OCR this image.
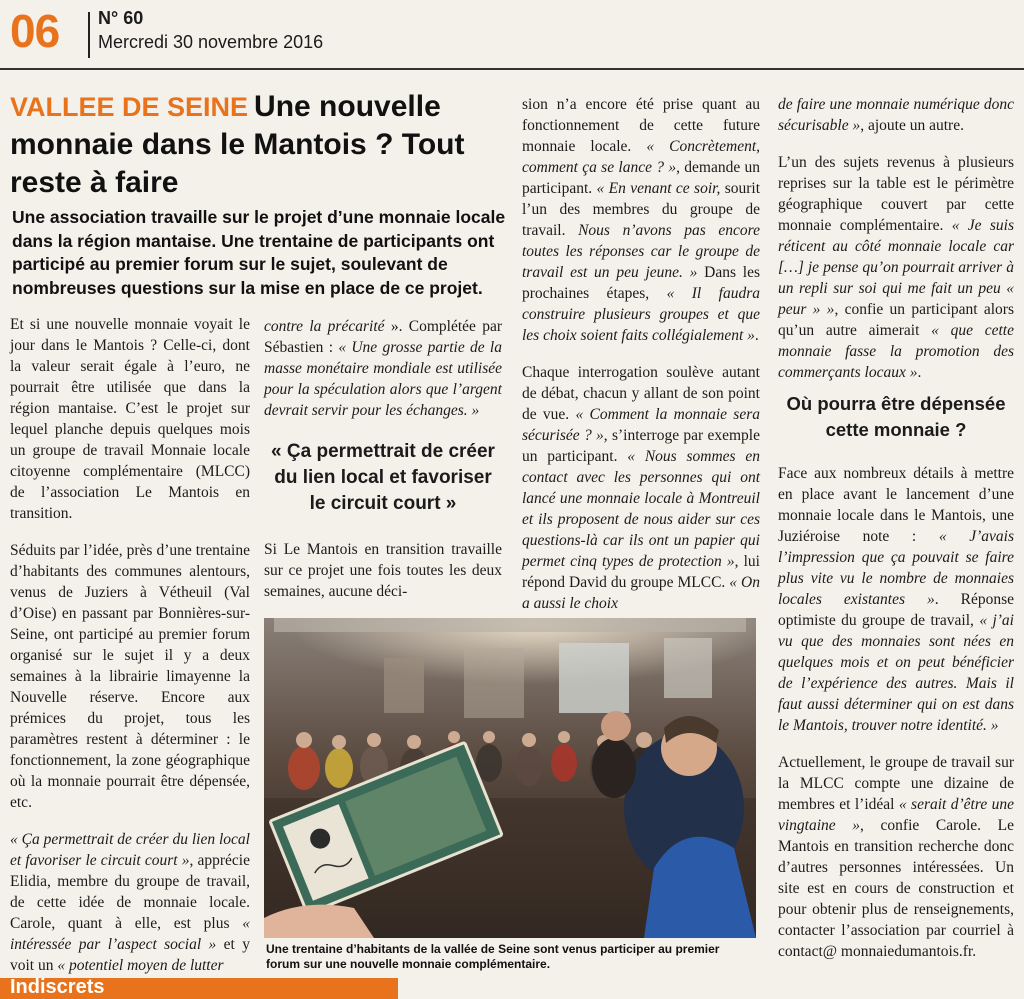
06 N° 60
Mercredi 30 novembre 2016
VALLEE DE SEINE Une nouvelle monnaie dans le Mantois ? Tout reste à faire
Une association travaille sur le projet d’une monnaie locale dans la région mantaise. Une trentaine de participants ont participé au premier forum sur le sujet, soulevant de nombreuses questions sur la mise en place de ce projet.

Et si une nouvelle monnaie voyait le jour dans le Mantois ? Celle-ci, dont la valeur serait égale à l’euro, ne pourrait être utilisée que dans la région mantaise. C’est le projet sur lequel planche depuis quelques mois un groupe de travail Monnaie locale citoyenne complémentaire (MLCC) de l’association Le Mantois en transition.

Séduits par l’idée, près d’une trentaine d’habitants des communes alentours, venus de Juziers à Vétheuil (Val d’Oise) en passant par Bonnières-sur-Seine, ont participé au premier forum organisé sur le sujet il y a deux semaines à la librairie limayenne la Nouvelle réserve. Encore aux prémices du projet, tous les paramètres restent à déterminer : le fonctionnement, la zone géographique où la monnaie pourrait être dépensée, etc.

« Ça permettrait de créer du lien local et favoriser le circuit court », apprécie Elidia, membre du groupe de travail, de cette idée de monnaie locale. Carole, quant à elle, est plus « intéressée par l’aspect social » et y voit un « potentiel moyen de lutter

contre la précarité ». Complétée par Sébastien : « Une grosse partie de la masse monétaire mondiale est utilisée pour la spéculation alors que l’argent devrait servir pour les échanges. »

« Ça permettrait de créer du lien local et favoriser le circuit court »

Si Le Mantois en transition travaille sur ce projet une fois toutes les deux semaines, aucune déci-

sion n’a encore été prise quant au fonctionnement de cette future monnaie locale. « Concrètement, comment ça se lance ? », demande un participant. « En venant ce soir, sourit l’un des membres du groupe de travail. Nous n’avons pas encore toutes les réponses car le groupe de travail est un peu jeune. » Dans les prochaines étapes, « Il faudra construire plusieurs groupes et que les choix soient faits collégialement ».

Chaque interrogation soulève autant de débat, chacun y allant de son point de vue. « Comment la monnaie sera sécurisée ? », s’interroge par exemple un participant. « Nous sommes en contact avec les personnes qui ont lancé une monnaie locale à Montreuil et ils proposent de nous aider sur ces questions-là car ils ont un papier qui permet cinq types de protection », lui répond David du groupe MLCC. « On a aussi le choix

de faire une monnaie numérique donc sécurisable », ajoute un autre.

L’un des sujets revenus à plusieurs reprises sur la table est le périmètre géographique couvert par cette monnaie complémentaire. « Je suis réticent au côté monnaie locale car […] je pense qu’on pourrait arriver à un repli sur soi qui me fait un peu « peur » », confie un participant alors qu’un autre aimerait « que cette monnaie fasse la promotion des commerçants locaux ».

Où pourra être dépensée cette monnaie ?

Face aux nombreux détails à mettre en place avant le lancement d’une monnaie locale dans le Mantois, une Juziéroise note : « J’avais l’impression que ça pouvait se faire plus vite vu le nombre de monnaies locales existantes ». Réponse optimiste du groupe de travail, « j’ai vu que des monnaies sont nées en quelques mois et on peut bénéficier de l’expérience des autres. Mais il faut aussi déterminer qui on est dans le Mantois, trouver notre identité. »

Actuellement, le groupe de travail sur la MLCC compte une dizaine de membres et l’idéal « serait d’être une vingtaine », confie Carole. Le Mantois en transition recherche donc d’autres personnes intéressées. Un site est en cours de construction et pour obtenir plus de renseignements, contacter l’association par courriel à contact@ monnaiedumantois.fr.

Une trentaine d’habitants de la vallée de Seine sont venus participer au premier forum sur une nouvelle monnaie complémentaire.
Indiscrets
